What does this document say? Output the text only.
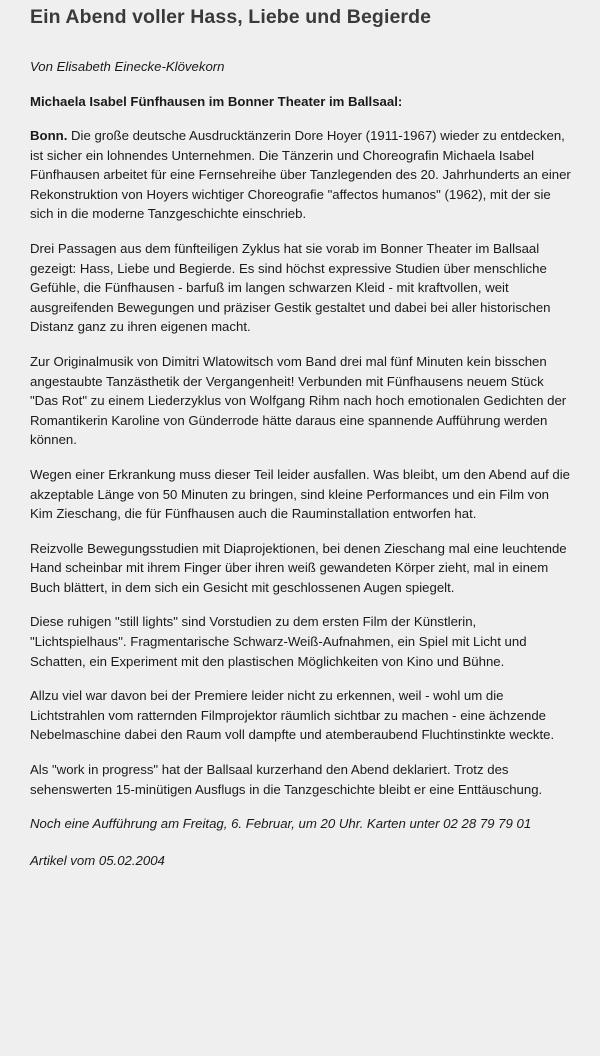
Ein Abend voller Hass, Liebe und Begierde

Von Elisabeth Einecke-Klövekorn

Michaela Isabel Fünfhausen im Bonner Theater im Ballsaal:

Bonn. Die große deutsche Ausdrucktänzerin Dore Hoyer (1911-1967) wieder zu entdecken, ist sicher ein lohnendes Unternehmen. Die Tänzerin und Choreografin Michaela Isabel Fünfhausen arbeitet für eine Fernsehreihe über Tanzlegenden des 20. Jahrhunderts an einer Rekonstruktion von Hoyers wichtiger Choreografie "affectos humanos" (1962), mit der sie sich in die moderne Tanzgeschichte einschrieb.

Drei Passagen aus dem fünfteiligen Zyklus hat sie vorab im Bonner Theater im Ballsaal gezeigt: Hass, Liebe und Begierde. Es sind höchst expressive Studien über menschliche Gefühle, die Fünfhausen - barfuß im langen schwarzen Kleid - mit kraftvollen, weit ausgreifenden Bewegungen und präziser Gestik gestaltet und dabei bei aller historischen Distanz ganz zu ihren eigenen macht.

Zur Originalmusik von Dimitri Wlatowitsch vom Band drei mal fünf Minuten kein bisschen angestaubte Tanzästhetik der Vergangenheit! Verbunden mit Fünfhausens neuem Stück "Das Rot" zu einem Liederzyklus von Wolfgang Rihm nach hoch emotionalen Gedichten der Romantikerin Karoline von Günderrode hätte daraus eine spannende Aufführung werden können.

Wegen einer Erkrankung muss dieser Teil leider ausfallen. Was bleibt, um den Abend auf die akzeptable Länge von 50 Minuten zu bringen, sind kleine Performances und ein Film von Kim Zieschang, die für Fünfhausen auch die Rauminstallation entworfen hat.

Reizvolle Bewegungsstudien mit Diaprojektionen, bei denen Zieschang mal eine leuchtende Hand scheinbar mit ihrem Finger über ihren weiß gewandeten Körper zieht, mal in einem Buch blättert, in dem sich ein Gesicht mit geschlossenen Augen spiegelt.

Diese ruhigen "still lights" sind Vorstudien zu dem ersten Film der Künstlerin, "Lichtspielhaus". Fragmentarische Schwarz-Weiß-Aufnahmen, ein Spiel mit Licht und Schatten, ein Experiment mit den plastischen Möglichkeiten von Kino und Bühne.

Allzu viel war davon bei der Premiere leider nicht zu erkennen, weil - wohl um die Lichtstrahlen vom ratternden Filmprojektor räumlich sichtbar zu machen - eine ächzende Nebelmaschine dabei den Raum voll dampfte und atemberaubend Fluchtinstinkte weckte.

Als "work in progress" hat der Ballsaal kurzerhand den Abend deklariert. Trotz des sehenswerten 15-minütigen Ausflugs in die Tanzgeschichte bleibt er eine Enttäuschung.

Noch eine Aufführung am Freitag, 6. Februar, um 20 Uhr. Karten unter 02 28 79 79 01

Artikel vom 05.02.2004
